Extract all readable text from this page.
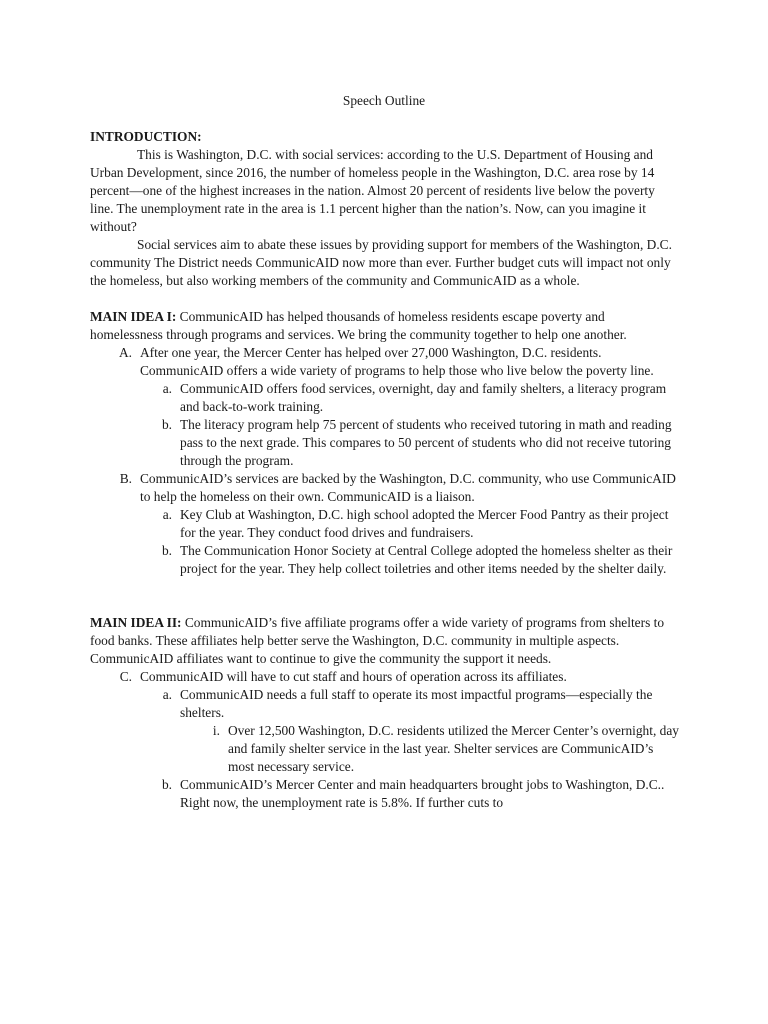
Speech Outline

INTRODUCTION:

This is Washington, D.C. with social services: according to the U.S. Department of Housing and Urban Development, since 2016, the number of homeless people in the Washington, D.C. area rose by 14 percent—one of the highest increases in the nation. Almost 20 percent of residents live below the poverty line. The unemployment rate in the area is 1.1 percent higher than the nation’s. Now, can you imagine it without?

Social services aim to abate these issues by providing support for members of the Washington, D.C. community The District needs CommunicAID now more than ever. Further budget cuts will impact not only the homeless, but also working members of the community and CommunicAID as a whole.

MAIN IDEA I: CommunicAID has helped thousands of homeless residents escape poverty and homelessness through programs and services. We bring the community together to help one another.

A. After one year, the Mercer Center has helped over 27,000 Washington, D.C. residents. CommunicAID offers a wide variety of programs to help those who live below the poverty line.
a. CommunicAID offers food services, overnight, day and family shelters, a literacy program and back-to-work training.
b. The literacy program help 75 percent of students who received tutoring in math and reading pass to the next grade. This compares to 50 percent of students who did not receive tutoring through the program.
B. CommunicAID’s services are backed by the Washington, D.C. community, who use CommunicAID to help the homeless on their own. CommunicAID is a liaison.
a. Key Club at Washington, D.C. high school adopted the Mercer Food Pantry as their project for the year. They conduct food drives and fundraisers.
b. The Communication Honor Society at Central College adopted the homeless shelter as their project for the year. They help collect toiletries and other items needed by the shelter daily.

MAIN IDEA II: CommunicAID’s five affiliate programs offer a wide variety of programs from shelters to food banks. These affiliates help better serve the Washington, D.C. community in multiple aspects. CommunicAID affiliates want to continue to give the community the support it needs.

C. CommunicAID will have to cut staff and hours of operation across its affiliates.
a. CommunicAID needs a full staff to operate its most impactful programs—especially the shelters.
i. Over 12,500 Washington, D.C. residents utilized the Mercer Center’s overnight, day and family shelter service in the last year. Shelter services are CommunicAID’s most necessary service.
b. CommunicAID’s Mercer Center and main headquarters brought jobs to Washington, D.C.. Right now, the unemployment rate is 5.8%. If further cuts to
